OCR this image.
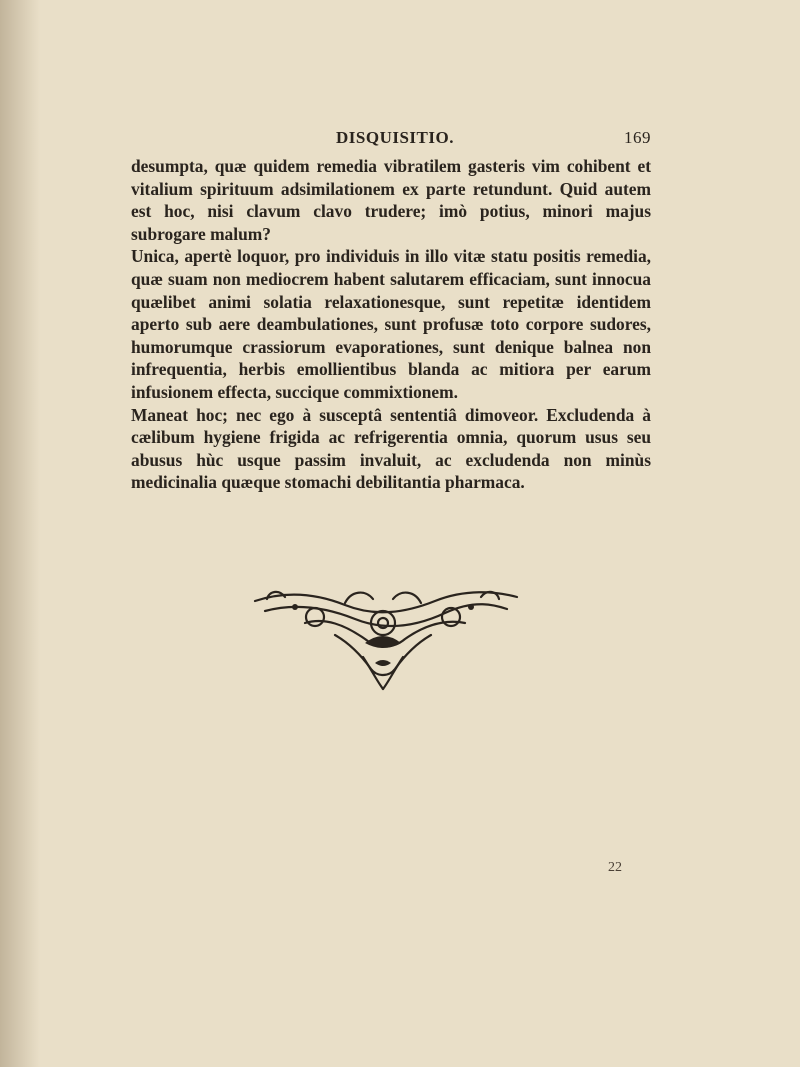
DISQUISITIO.	169

desumpta, quæ quidem remedia vibratilem gasteris vim cohibent et vitalium spirituum adsimilationem ex parte retundunt. Quid autem est hoc, nisi clavum clavo trudere; imò potius, minori majus subrogare malum?

Unica, apertè loquor, pro individuis in illo vitæ statu positis remedia, quæ suam non mediocrem habent salutarem efficaciam, sunt innocua quælibet animi solatia relaxationesque, sunt repetitæ identidem aperto sub aere deambulationes, sunt profusæ toto corpore sudores, humorumque crassiorum evaporationes, sunt denique balnea non infrequentia, herbis emollientibus blanda ac mitiora per earum infusionem effecta, succique commixtionem.

Maneat hoc; nec ego à susceptâ sententiâ dimoveor. Excludenda à cælibum hygiene frigida ac refrigerentia omnia, quorum usus seu abusus hùc usque passim invaluit, ac excludenda non minùs medicinalia quæque stomachi debilitantia pharmaca.

22
